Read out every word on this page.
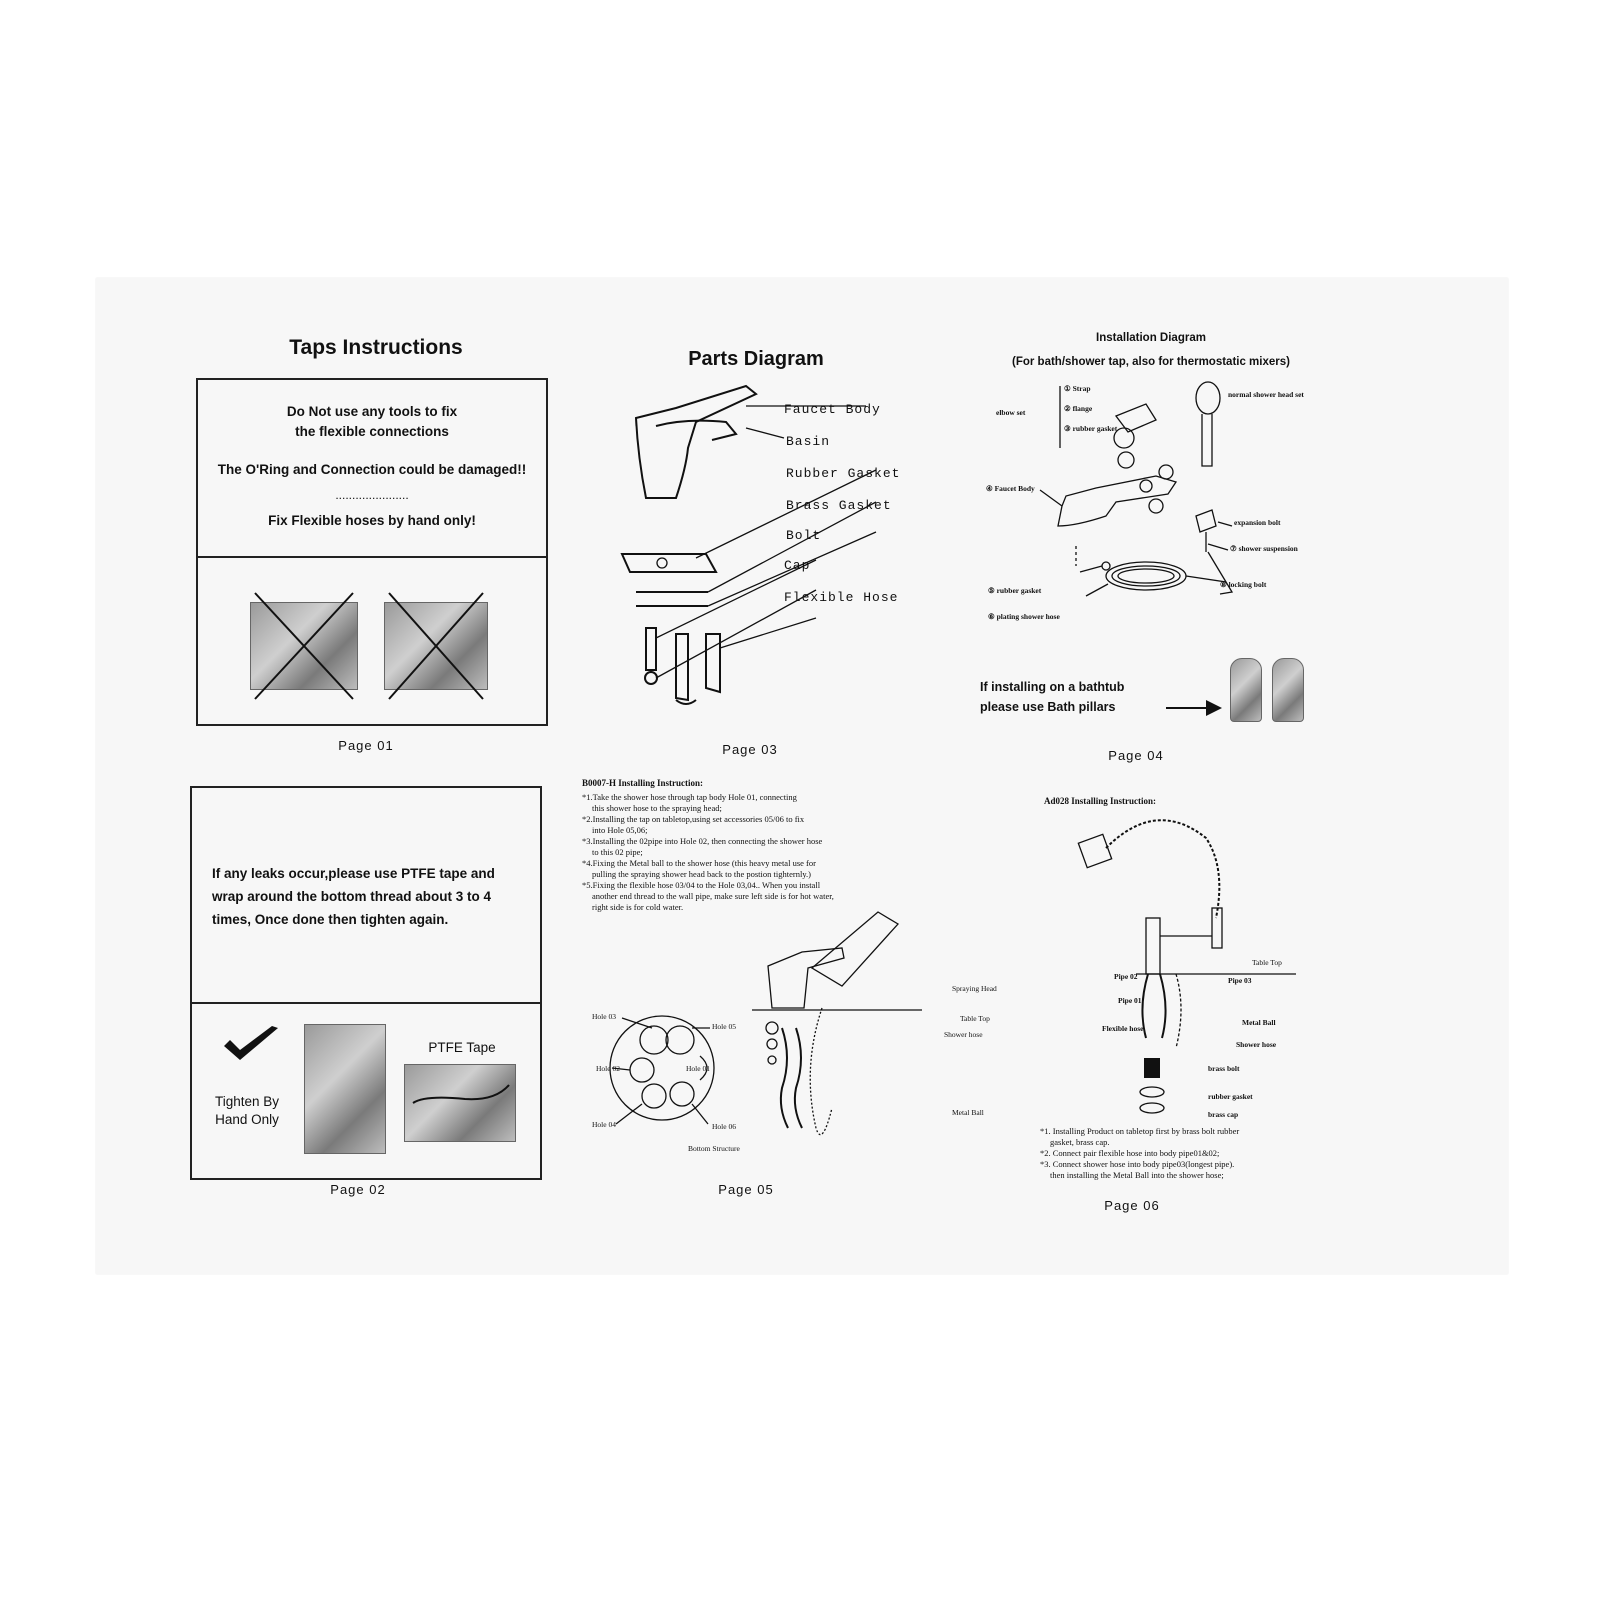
Taps Instructions
Do Not use any tools to fix
the flexible connections
The O'Ring and Connection could be damaged!!
......................
Fix Flexible hoses by hand only!
Page 01
If any leaks occur,please use PTFE tape and
wrap around the bottom thread about 3 to 4
times, Once done then tighten again.
Tighten By
Hand Only
PTFE Tape
Page 02
Parts Diagram
Faucet Body
Basin
Rubber Gasket
Brass Gasket
Bolt
Cap
Flexible Hose
Page 03
Installation Diagram
(For bath/shower tap, also for thermostatic mixers)
elbow set
① Strap
② flange
③ rubber gasket
normal shower head set
④ Faucet Body
expansion bolt
⑦ shower suspension
⑧ locking bolt
⑤ rubber gasket
⑥ plating shower hose
If installing on a bathtub
please use Bath pillars
Page 04
B0007-H Installing Instruction:
*1.Take the shower hose through tap body Hole 01, connecting
this shower hose to the spraying head;
*2.Installing the tap on tabletop,using set accessories 05/06 to fix
into Hole 05,06;
*3.Installing the 02pipe into Hole 02, then connecting the shower hose
to this 02 pipe;
*4.Fixing the Metal ball to the shower hose (this heavy metal use for
pulling the spraying shower head back to the postion tighternly.)
*5.Fixing the flexible hose 03/04 to the Hole 03,04.. When you install
another end thread to the wall pipe, make sure left side is for hot water,
right side is for cold water.
Spraying Head
Table Top
Shower hose
Metal Ball
Hole 03
Hole 05
Hole 02	Hole 01
Hole 04	Hole 06
Bottom Structure
Page 05
Ad028 Installing Instruction:
Table Top
Pipe 02	Pipe 03
Pipe 01
Flexible hose
Metal Ball
Shower hose
brass bolt
rubber gasket
brass cap
*1. Installing Product on tabletop first by brass bolt rubber
gasket, brass cap.
*2. Connect pair flexible hose into body pipe01&02;
*3. Connect shower hose into body pipe03(longest pipe).
then installing the Metal Ball into the shower hose;
Page 06
